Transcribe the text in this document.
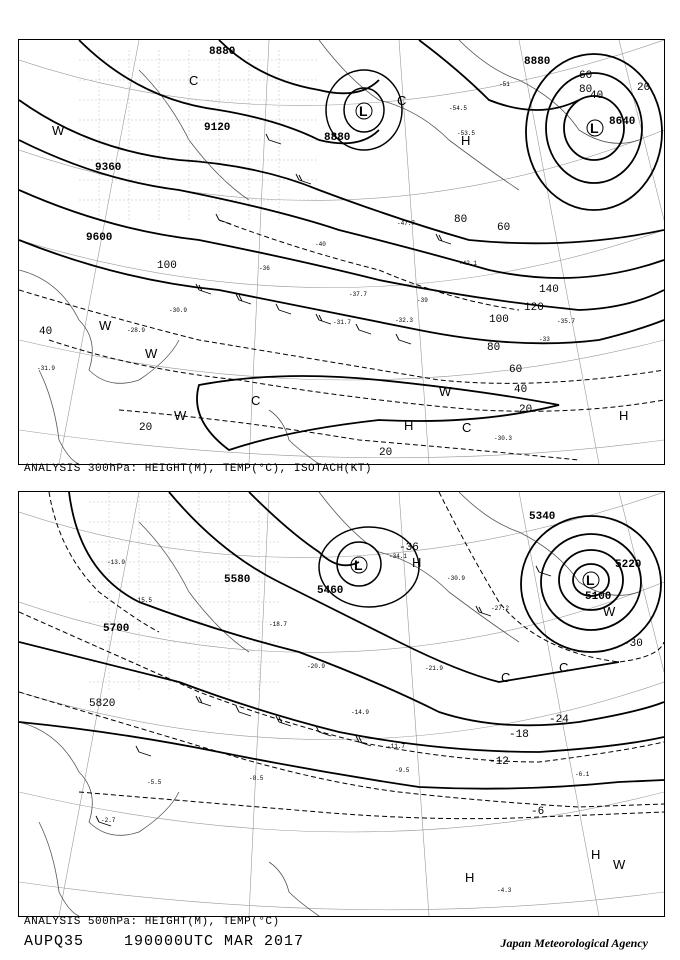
8880
9120
8880
9360
9600
8640
8880
40
60
80
100
120
140
100
80
60
40
20
20
20
60
80
40
20
L
L
H
H
H
C
C
C
C
W
W
W
W
W
-51
-54.5
-53.5
-47.7
-42.1
-39
-37.7
-32.3
-31.7	-35.7
-33
-30.9
-30.3
-28.9
-31.9
-36
-40
ANALYSIS 300hPa: HEIGHT(M), TEMP(°C), ISOTACH(KT)
5460
5700
5820
5340
5220
5100
5580
-30
-24
-18
-12
-6
-36
L
L	H
H
H
C
C
W
W
-34.1
-30.9
-27.2
-21.9
-18.7
-14.9
-11.7
-9.5
-6.1
-4.3
-2.7
-5.5
-13.9
-15.5
-20.9
-8.5
ANALYSIS 500hPa: HEIGHT(M), TEMP(°C)
AUPQ35	190000UTC MAR 2017	Japan Meteorological Agency
